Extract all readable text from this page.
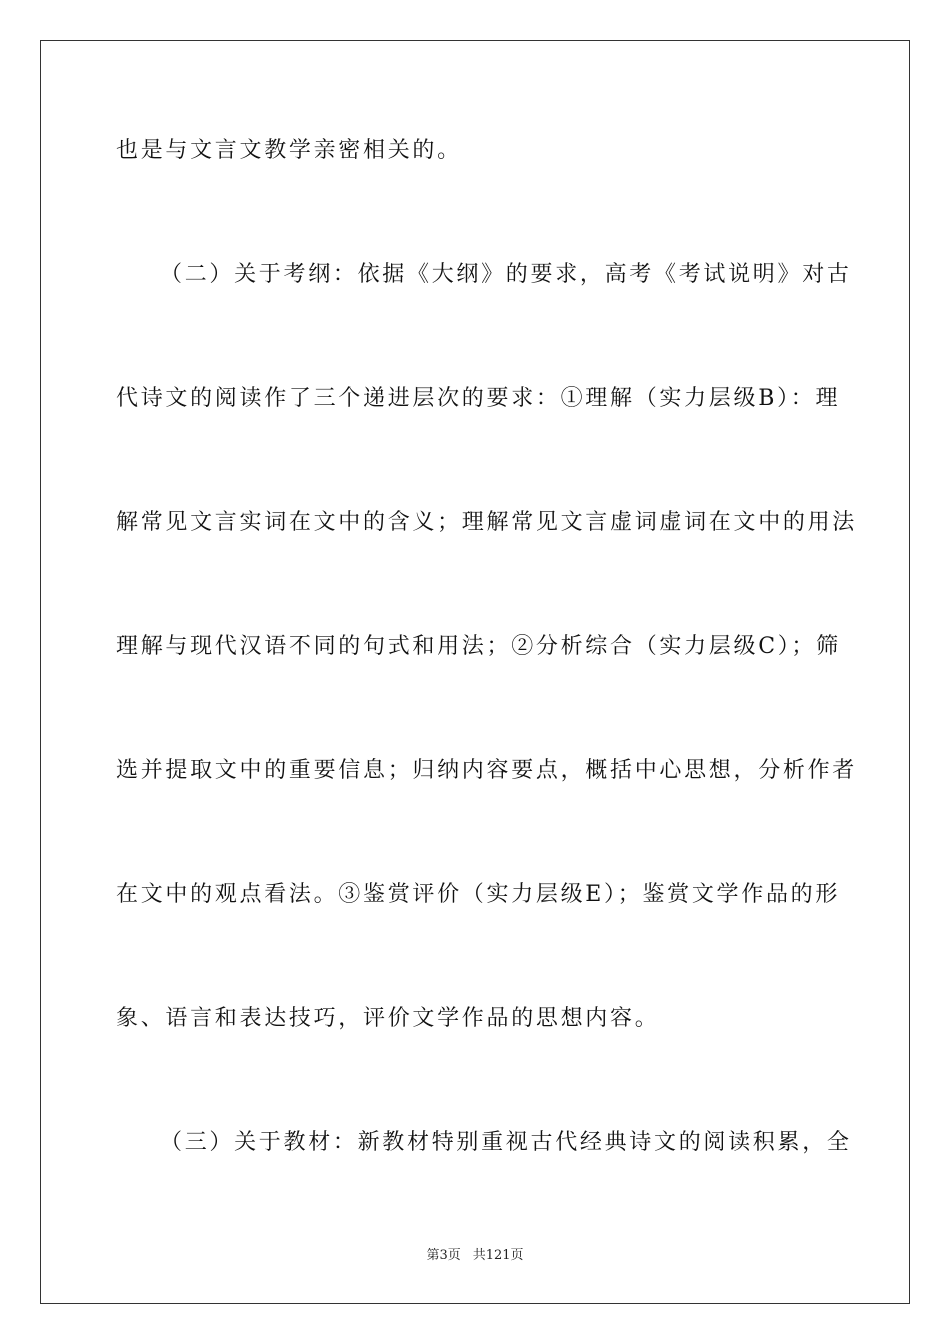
也是与文言文教学亲密相关的。
（二）关于考纲：依据《大纲》的要求，高考《考试说明》对古
代诗文的阅读作了三个递进层次的要求：①理解（实力层级B）：理
解常见文言实词在文中的含义；理解常见文言虚词虚词在文中的用法
理解与现代汉语不同的句式和用法；②分析综合（实力层级C）；筛
选并提取文中的重要信息；归纳内容要点，概括中心思想，分析作者
在文中的观点看法。③鉴赏评价（实力层级E）；鉴赏文学作品的形
象、语言和表达技巧，评价文学作品的思想内容。
（三）关于教材：新教材特别重视古代经典诗文的阅读积累，全
第3页 共121页
